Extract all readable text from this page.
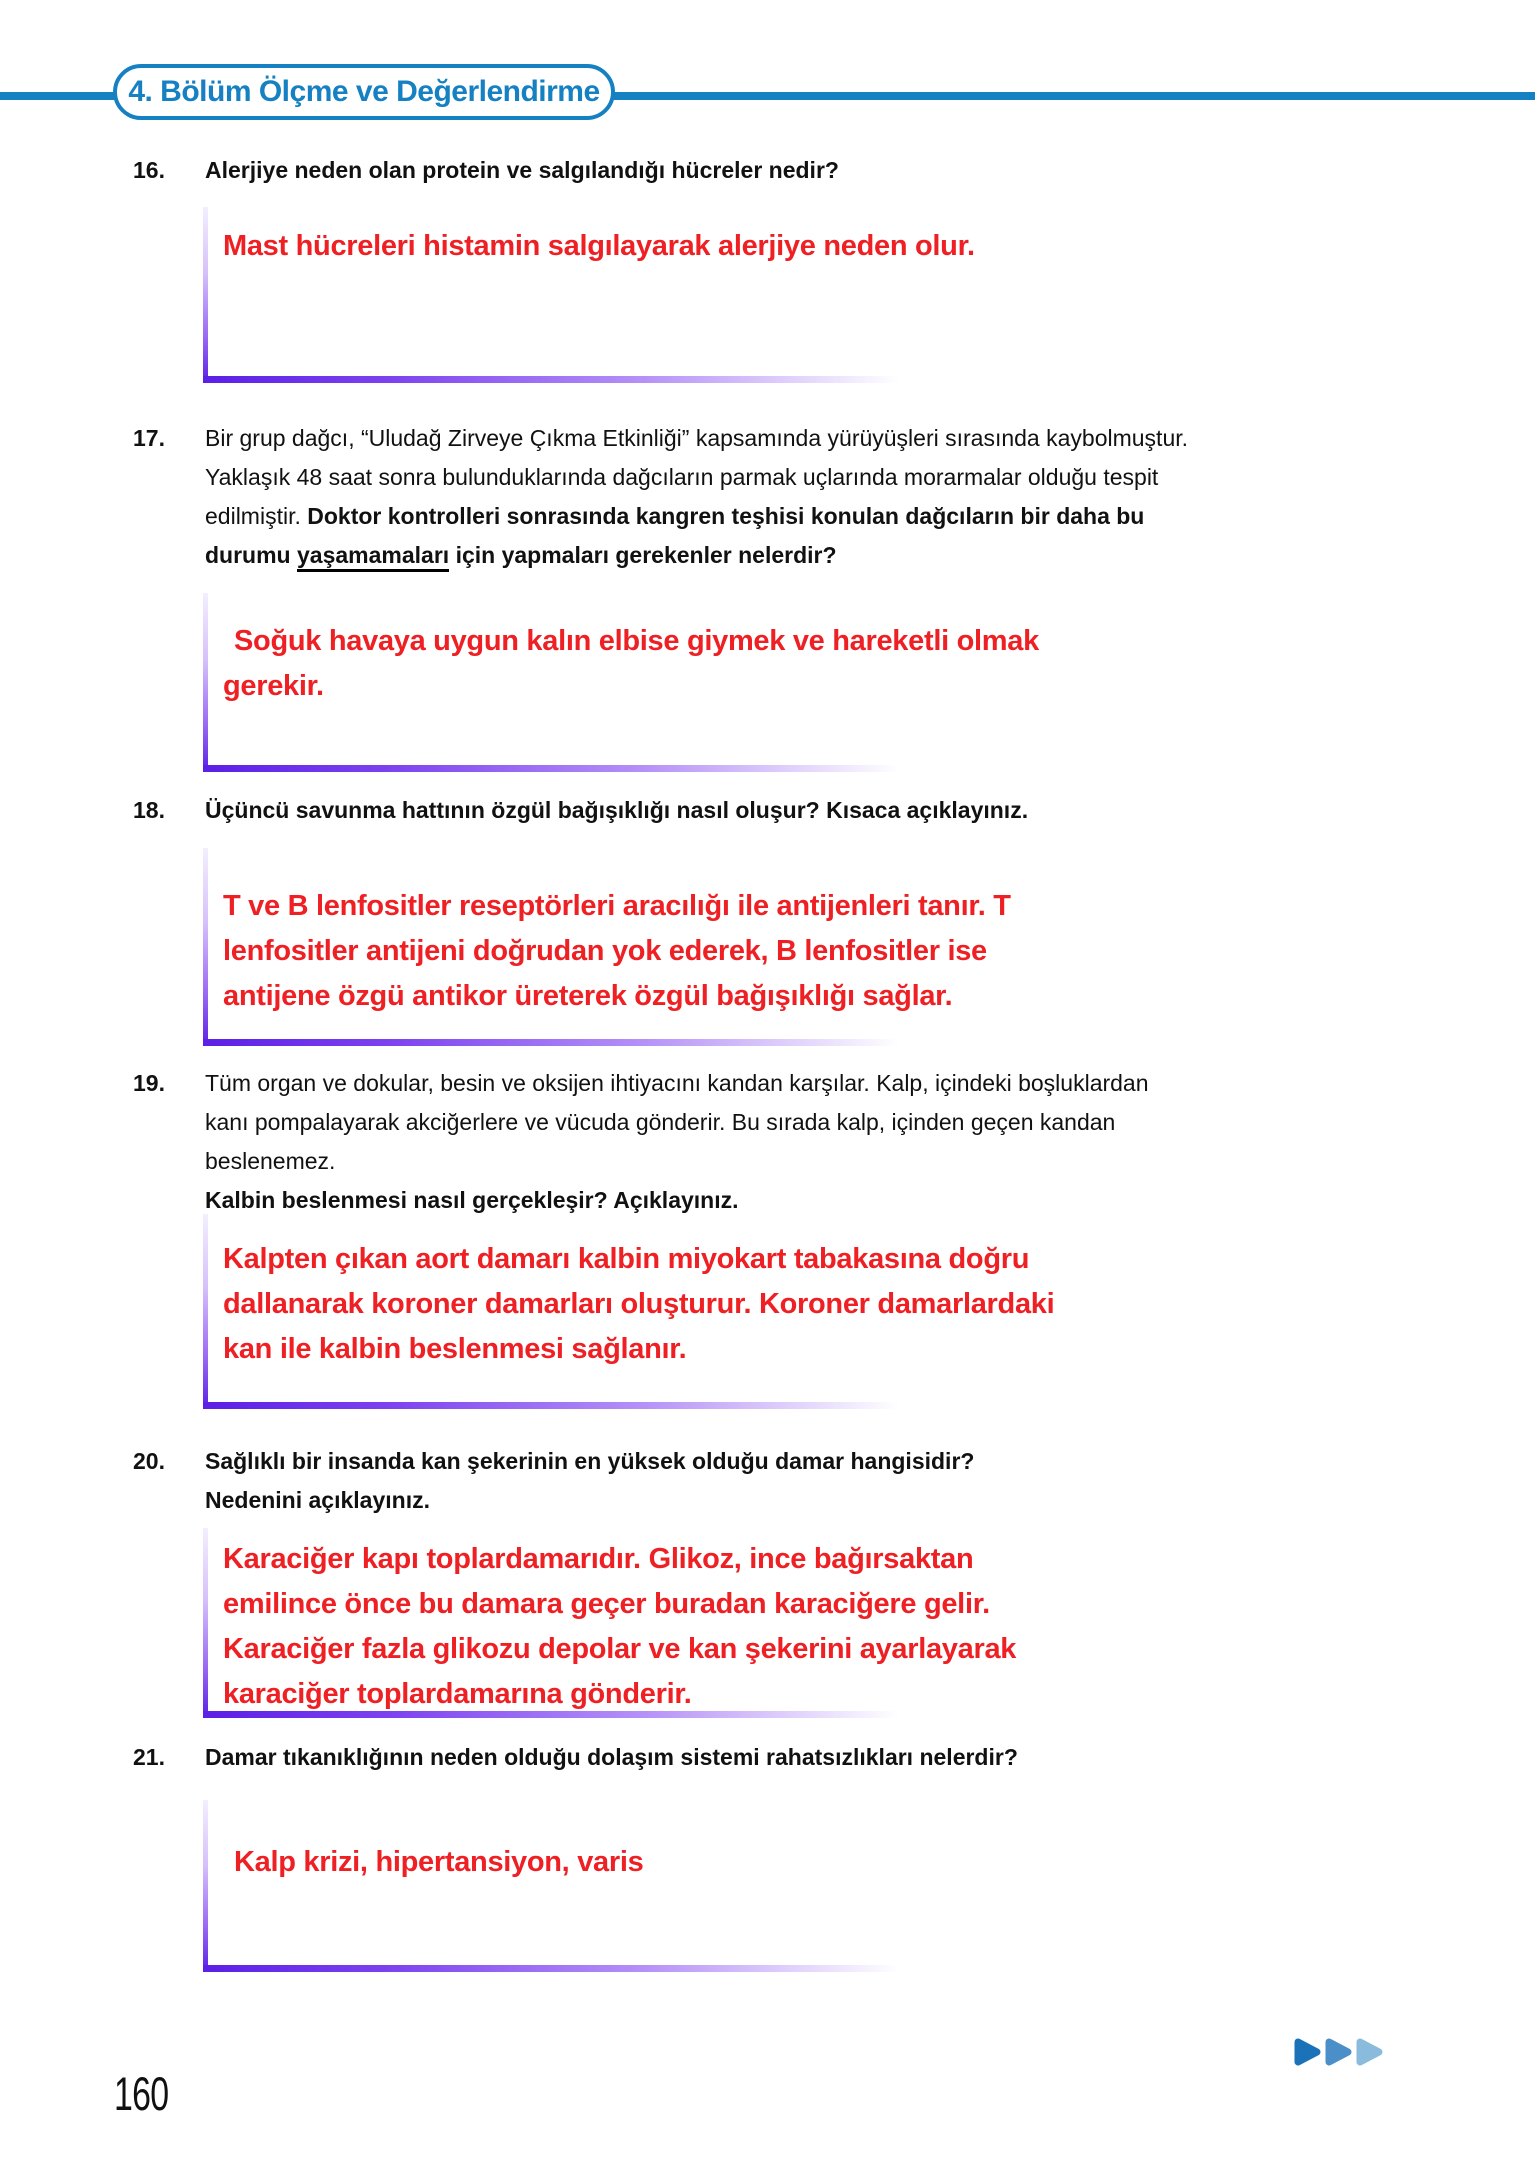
4. Bölüm Ölçme ve Değerlendirme
16.	Alerjiye neden olan protein ve salgılandığı hücreler nedir?
Mast hücreleri histamin salgılayarak alerjiye neden olur.
17.	Bir grup dağcı, “Uludağ Zirveye Çıkma Etkinliği” kapsamında yürüyüşleri sırasında kaybolmuştur.
Yaklaşık 48 saat sonra bulunduklarında dağcıların parmak uçlarında morarmalar olduğu tespit
edilmiştir. Doktor kontrolleri sonrasında kangren teşhisi konulan dağcıların bir daha bu
durumu yaşamamaları için yapmaları gerekenler nelerdir?
Soğuk havaya uygun kalın elbise giymek ve hareketli olmak
gerekir.
18.	Üçüncü savunma hattının özgül bağışıklığı nasıl oluşur? Kısaca açıklayınız.
T ve B lenfositler reseptörleri aracılığı ile antijenleri tanır. T
lenfositler antijeni doğrudan yok ederek, B lenfositler ise
antijene özgü antikor üreterek özgül bağışıklığı sağlar.
19.	Tüm organ ve dokular, besin ve oksijen ihtiyacını kandan karşılar. Kalp, içindeki boşluklardan
kanı pompalayarak akciğerlere ve vücuda gönderir. Bu sırada kalp, içinden geçen kandan
beslenemez.
Kalbin beslenmesi nasıl gerçekleşir? Açıklayınız.
Kalpten çıkan aort damarı kalbin miyokart tabakasına doğru
dallanarak koroner damarları oluşturur. Koroner damarlardaki
kan ile kalbin beslenmesi sağlanır.
20.	Sağlıklı bir insanda kan şekerinin en yüksek olduğu damar hangisidir?
Nedenini açıklayınız.
Karaciğer kapı toplardamarıdır. Glikoz, ince bağırsaktan
emilince önce bu damara geçer buradan karaciğere gelir.
Karaciğer fazla glikozu depolar ve kan şekerini ayarlayarak
karaciğer toplardamarına gönderir.
21.	Damar tıkanıklığının neden olduğu dolaşım sistemi rahatsızlıkları nelerdir?
Kalp krizi, hipertansiyon, varis
160
